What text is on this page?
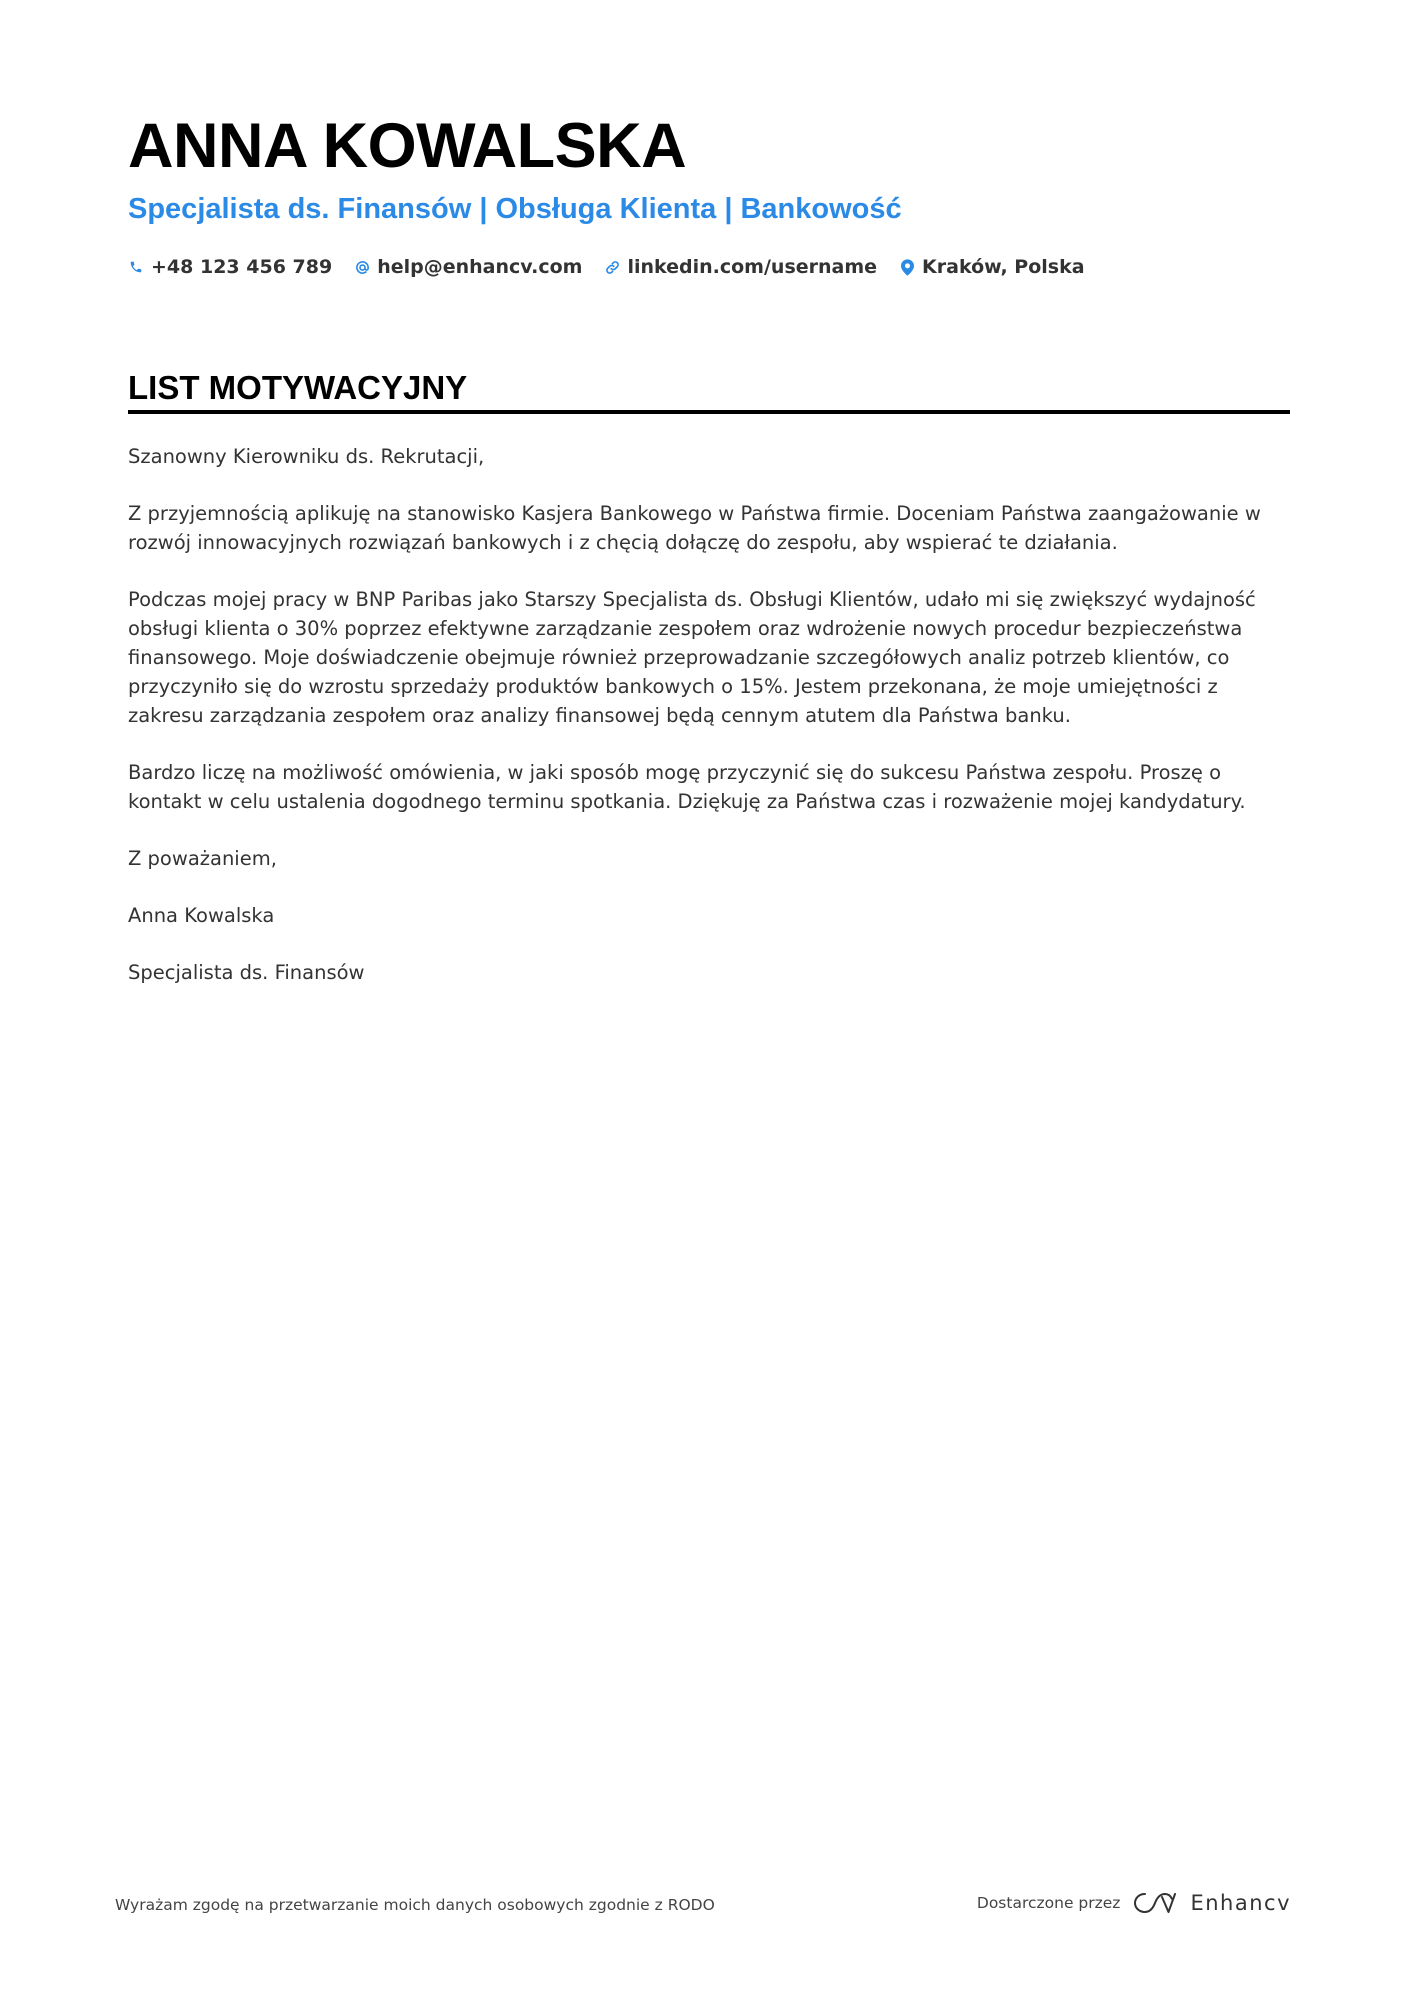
ANNA KOWALSKA
Specjalista ds. Finansów | Obsługa Klienta | Bankowość
+48 123 456 789 help@enhancv.com linkedin.com/username Kraków, Polska
LIST MOTYWACYJNY

Szanowny Kierowniku ds. Rekrutacji,

Z przyjemnością aplikuję na stanowisko Kasjera Bankowego w Państwa firmie. Doceniam Państwa zaangażowanie w rozwój innowacyjnych rozwiązań bankowych i z chęcią dołączę do zespołu, aby wspierać te działania.

Podczas mojej pracy w BNP Paribas jako Starszy Specjalista ds. Obsługi Klientów, udało mi się zwiększyć wydajność obsługi klienta o 30% poprzez efektywne zarządzanie zespołem oraz wdrożenie nowych procedur bezpieczeństwa finansowego. Moje doświadczenie obejmuje również przeprowadzanie szczegółowych analiz potrzeb klientów, co przyczyniło się do wzrostu sprzedaży produktów bankowych o 15%. Jestem przekonana, że moje umiejętności z zakresu zarządzania zespołem oraz analizy finansowej będą cennym atutem dla Państwa banku.

Bardzo liczę na możliwość omówienia, w jaki sposób mogę przyczynić się do sukcesu Państwa zespołu. Proszę o kontakt w celu ustalenia dogodnego terminu spotkania. Dziękuję za Państwa czas i rozważenie mojej kandydatury.

Z poważaniem,

Anna Kowalska

Specjalista ds. Finansów

Wyrażam zgodę na przetwarzanie moich danych osobowych zgodnie z RODO	Dostarczone przez	Enhancv
